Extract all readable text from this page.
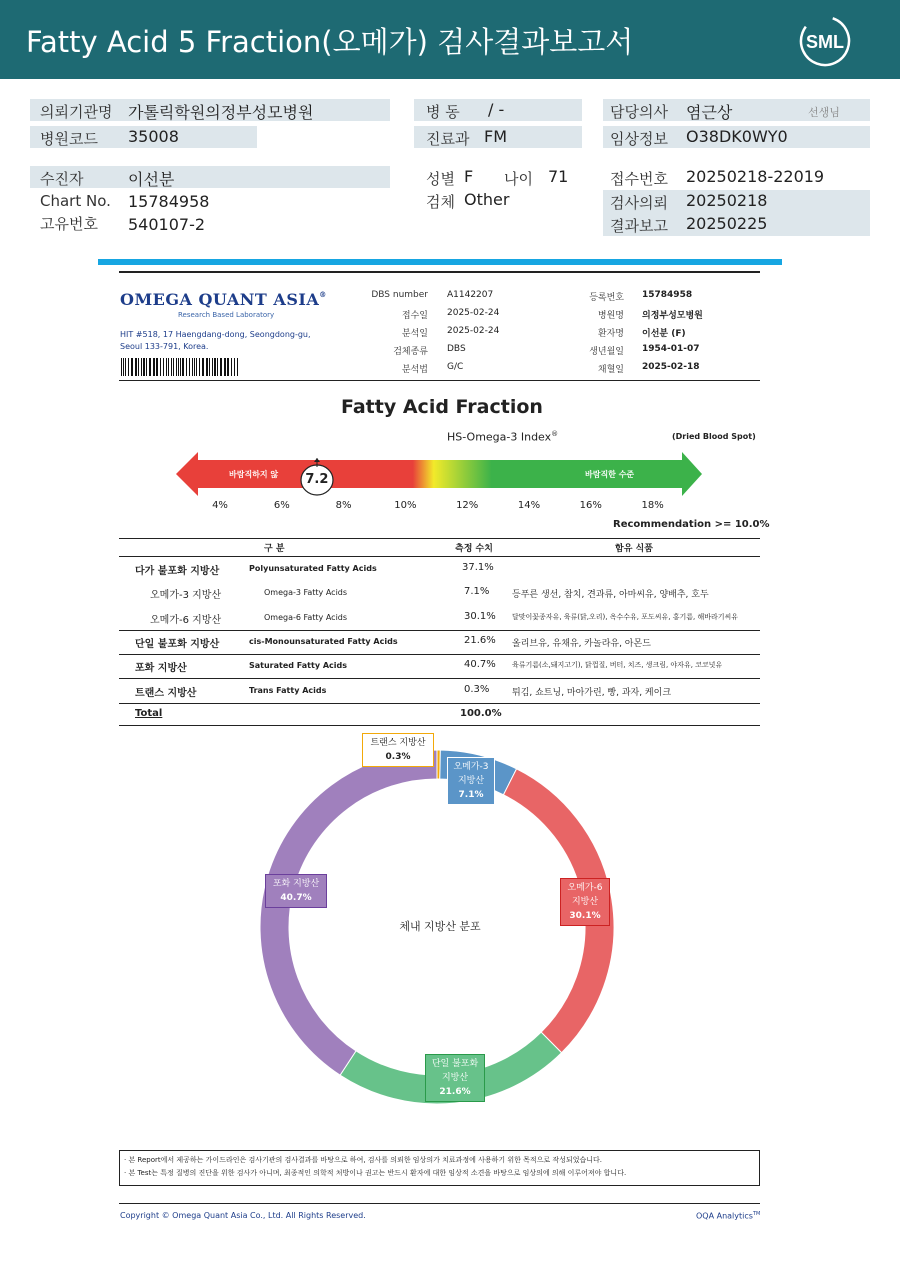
Fatty Acid 5 Fraction(오메가) 검사결과보고서	SML
의뢰기관명 가톨릭학원의정부성모병원
병원코드 35008
병 동 / -
진료과 FM
담당의사 염근상	선생님
임상정보 O38DK0WY0
수진자	이선분
Chart No. 15784958
고유번호 540107-2
성별 F 나이 71
검체 Other
접수번호 20250218-22019
검사의뢰 20250218
결과보고 20250225
OMEGA QUANT ASIA®
Research Based Laboratory
HIT #518, 17 Haengdang-dong, Seongdong-gu,
Seoul 133-791, Korea.
DBS number A1142207
접수일 2025-02-24
분석일 2025-02-24
검체종류 DBS
분석법 G/C
등록번호 15784958
병원명 의정부성모병원
환자명 이선분 (F)
생년월일 1954-01-07
채혈일 2025-02-18
Fatty Acid Fraction
HS-Omega-3 Index®	(Dried Blood Spot)
바람직하지 않	바람직한 수준
7.2
4%	6%	8%	10%	12%	14%	16%	18%
Recommendation >= 10.0%
구 분	측정 수치	함유 식품
다가 불포화 지방산	Polyunsaturated Fatty Acids	37.1%
오메가-3 지방산	Omega-3 Fatty Acids	7.1%	등푸른 생선, 참치, 견과류, 아마씨유, 양배추, 호두
오메가-6 지방산	Omega-6 Fatty Acids	30.1% 달맞이꽃종자유, 육류(닭,오리), 옥수수유, 포도씨유, 홍기름, 해바라기씨유
단일 불포화 지방산	cis-Monounsaturated Fatty Acids	21.6% 올리브유, 유채유, 카놀라유, 아몬드
포화 지방산	Saturated Fatty Acids	40.7% 육류기름(소,돼지고기), 닭껍질, 버터, 치즈, 생크림, 야자유, 코코넛유
트랜스 지방산	Trans Fatty Acids	0.3%	튀김, 쇼트닝, 마아가린, 빵, 과자, 케이크
Total	100.0%
체내 지방산 분포
트랜스 지방산
0.3%
오메가-3 지방산
7.1%
오메가-6 지방산
30.1%
단일 불포화 지방산
21.6%
포화 지방산
40.7%
· 본 Report에서 제공하는 가이드라인은 검사기관의 검사결과를 바탕으로 하여, 검사를 의뢰한 임상의가 치료과정에 사용하기 위한 목적으로 작성되었습니다.
· 본 Test는 특정 질병의 진단을 위한 검사가 아니며, 최종적인 의학적 처방이나 권고는 반드시 환자에 대한 임상적 소견을 바탕으로 임상의에 의해 이루어져야 합니다.
Copyright © Omega Quant Asia Co., Ltd. All Rights Reserved.	OQA Analytics™
